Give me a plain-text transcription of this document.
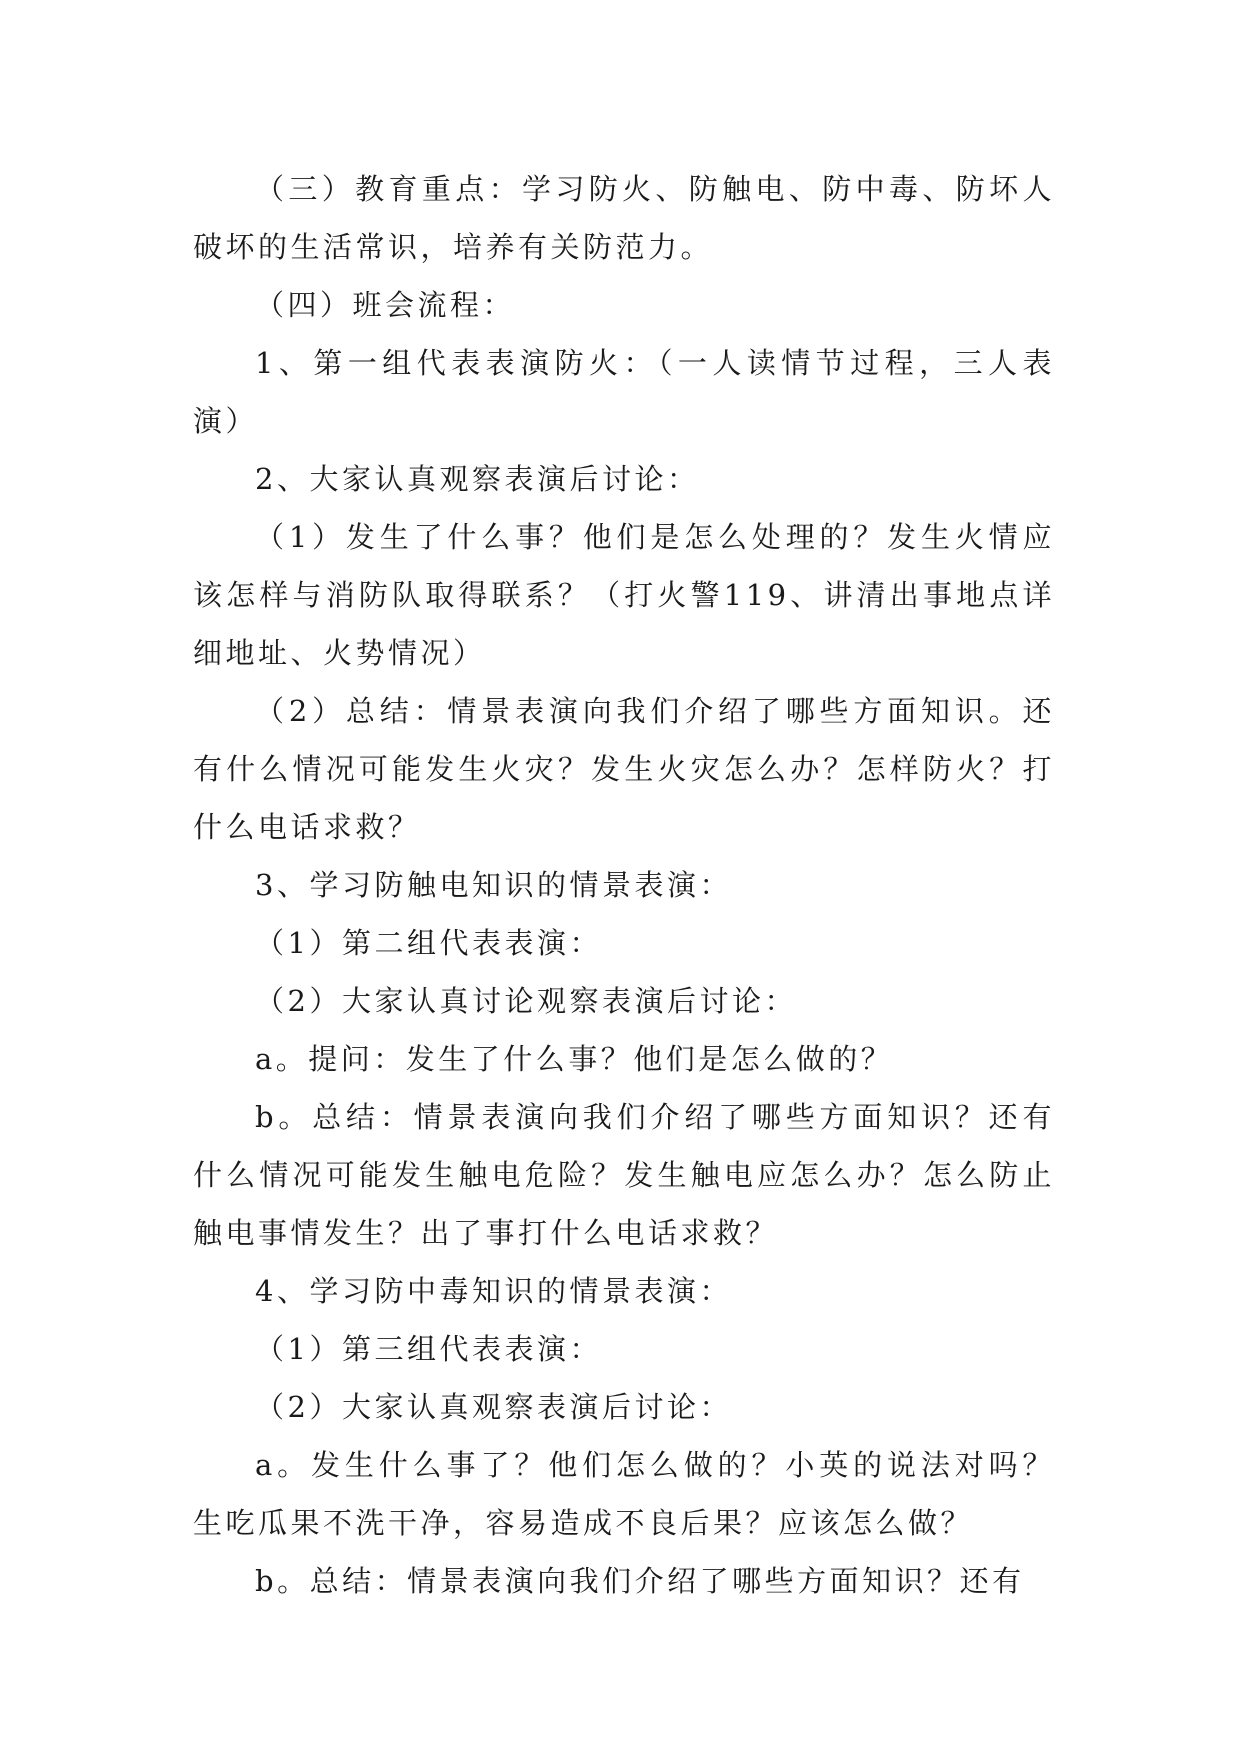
（三）教育重点：学习防火、防触电、防中毒、防坏人破坏的生活常识，培养有关防范力。

（四）班会流程：

1、第一组代表表演防火：（一人读情节过程，三人表演）

2、大家认真观察表演后讨论：

（1）发生了什么事？他们是怎么处理的？发生火情应该怎样与消防队取得联系？（打火警119、讲清出事地点详细地址、火势情况）

（2）总结：情景表演向我们介绍了哪些方面知识。还有什么情况可能发生火灾？发生火灾怎么办？怎样防火？打什么电话求救？

3、学习防触电知识的情景表演：

（1）第二组代表表演：

（2）大家认真讨论观察表演后讨论：

a。提问：发生了什么事？他们是怎么做的？

b。总结：情景表演向我们介绍了哪些方面知识？还有什么情况可能发生触电危险？发生触电应怎么办？怎么防止触电事情发生？出了事打什么电话求救？

4、学习防中毒知识的情景表演：

（1）第三组代表表演：

（2）大家认真观察表演后讨论：

a。发生什么事了？他们怎么做的？小英的说法对吗？生吃瓜果不洗干净，容易造成不良后果？应该怎么做？

b。总结：情景表演向我们介绍了哪些方面知识？还有
